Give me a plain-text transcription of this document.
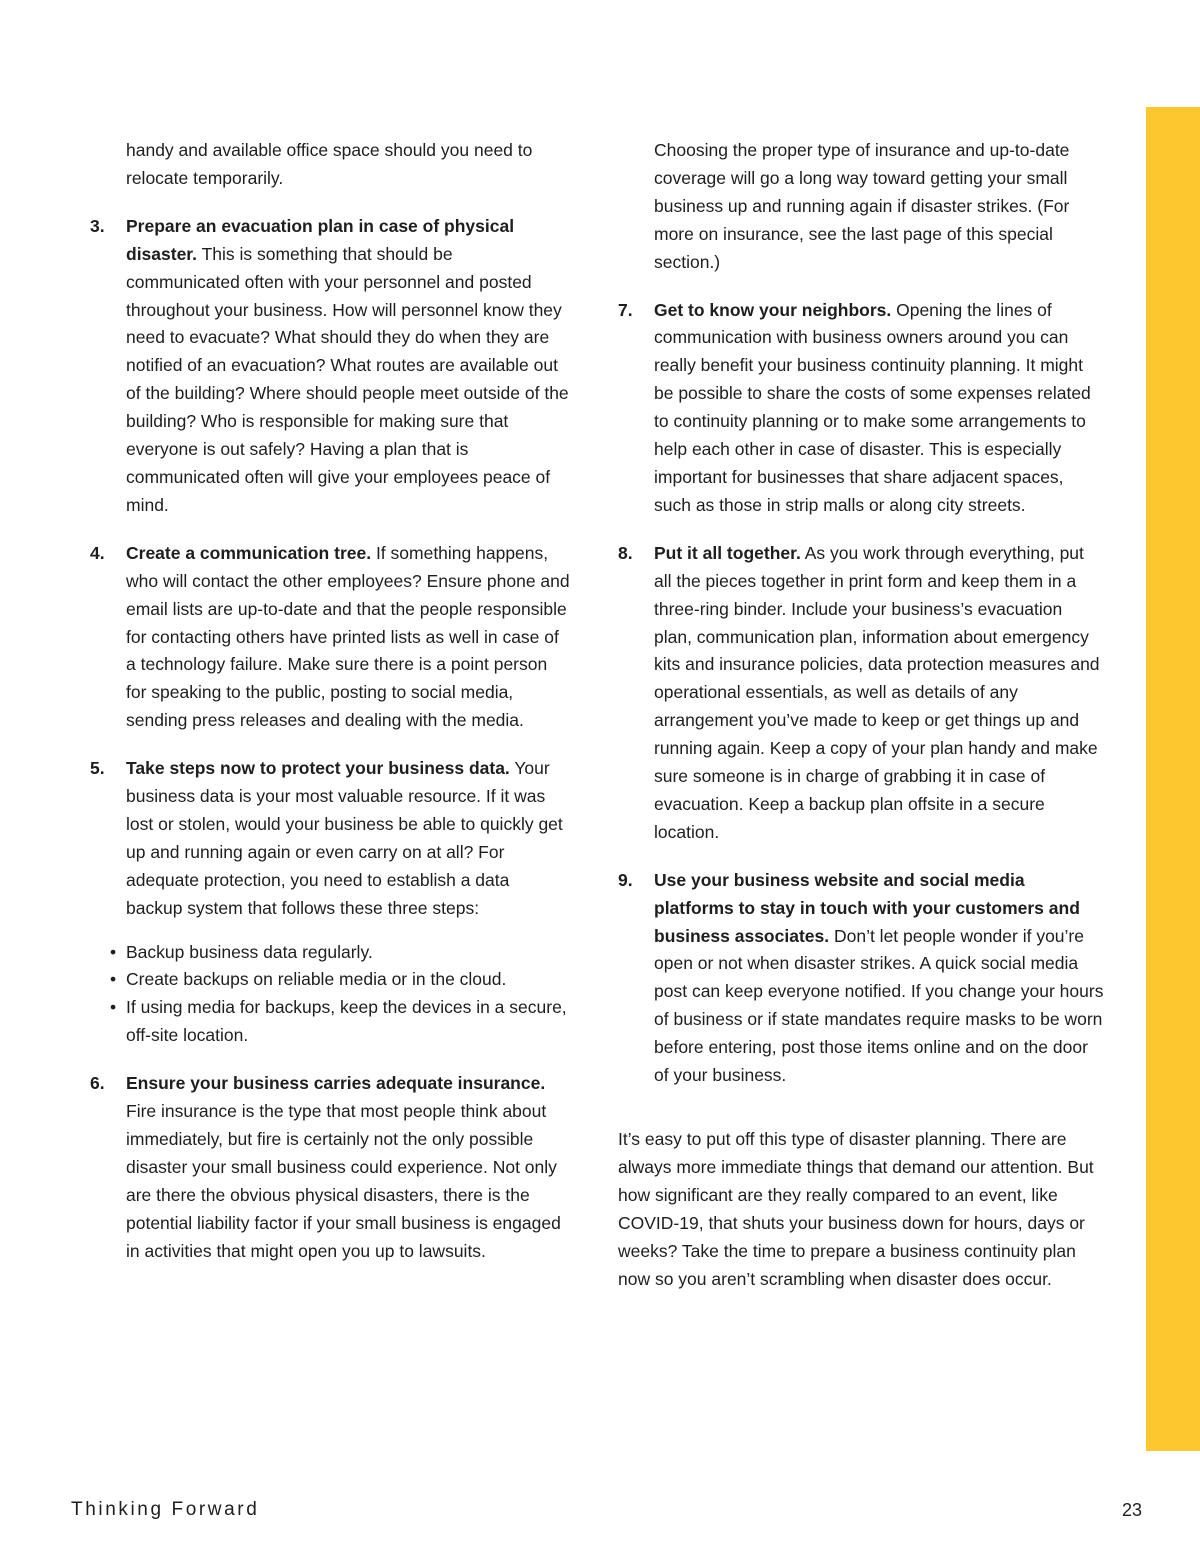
handy and available office space should you need to relocate temporarily.

3. Prepare an evacuation plan in case of physical disaster. This is something that should be communicated often with your personnel and posted throughout your business. How will personnel know they need to evacuate? What should they do when they are notified of an evacuation? What routes are available out of the building? Where should people meet outside of the building? Who is responsible for making sure that everyone is out safely? Having a plan that is communicated often will give your employees peace of mind.
4. Create a communication tree. If something happens, who will contact the other employees? Ensure phone and email lists are up-to-date and that the people responsible for contacting others have printed lists as well in case of a technology failure. Make sure there is a point person for speaking to the public, posting to social media, sending press releases and dealing with the media.
5. Take steps now to protect your business data. Your business data is your most valuable resource. If it was lost or stolen, would your business be able to quickly get up and running again or even carry on at all? For adequate protection, you need to establish a data backup system that follows these three steps:
• Backup business data regularly.
• Create backups on reliable media or in the cloud.
• If using media for backups, keep the devices in a secure, off-site location.
6. Ensure your business carries adequate insurance. Fire insurance is the type that most people think about immediately, but fire is certainly not the only possible disaster your small business could experience. Not only are there the obvious physical disasters, there is the potential liability factor if your small business is engaged in activities that might open you up to lawsuits.

Choosing the proper type of insurance and up-to-date coverage will go a long way toward getting your small business up and running again if disaster strikes. (For more on insurance, see the last page of this special section.)

7. Get to know your neighbors. Opening the lines of communication with business owners around you can really benefit your business continuity planning. It might be possible to share the costs of some expenses related to continuity planning or to make some arrangements to help each other in case of disaster. This is especially important for businesses that share adjacent spaces, such as those in strip malls or along city streets.
8. Put it all together. As you work through everything, put all the pieces together in print form and keep them in a three-ring binder. Include your business’s evacuation plan, communication plan, information about emergency kits and insurance policies, data protection measures and operational essentials, as well as details of any arrangement you’ve made to keep or get things up and running again. Keep a copy of your plan handy and make sure someone is in charge of grabbing it in case of evacuation. Keep a backup plan offsite in a secure location.
9. Use your business website and social media platforms to stay in touch with your customers and business associates. Don’t let people wonder if you’re open or not when disaster strikes. A quick social media post can keep everyone notified. If you change your hours of business or if state mandates require masks to be worn before entering, post those items online and on the door of your business.

It’s easy to put off this type of disaster planning. There are always more immediate things that demand our attention. But how significant are they really compared to an event, like COVID-19, that shuts your business down for hours, days or weeks? Take the time to prepare a business continuity plan now so you aren’t scrambling when disaster does occur.

Thinking Forward	23
